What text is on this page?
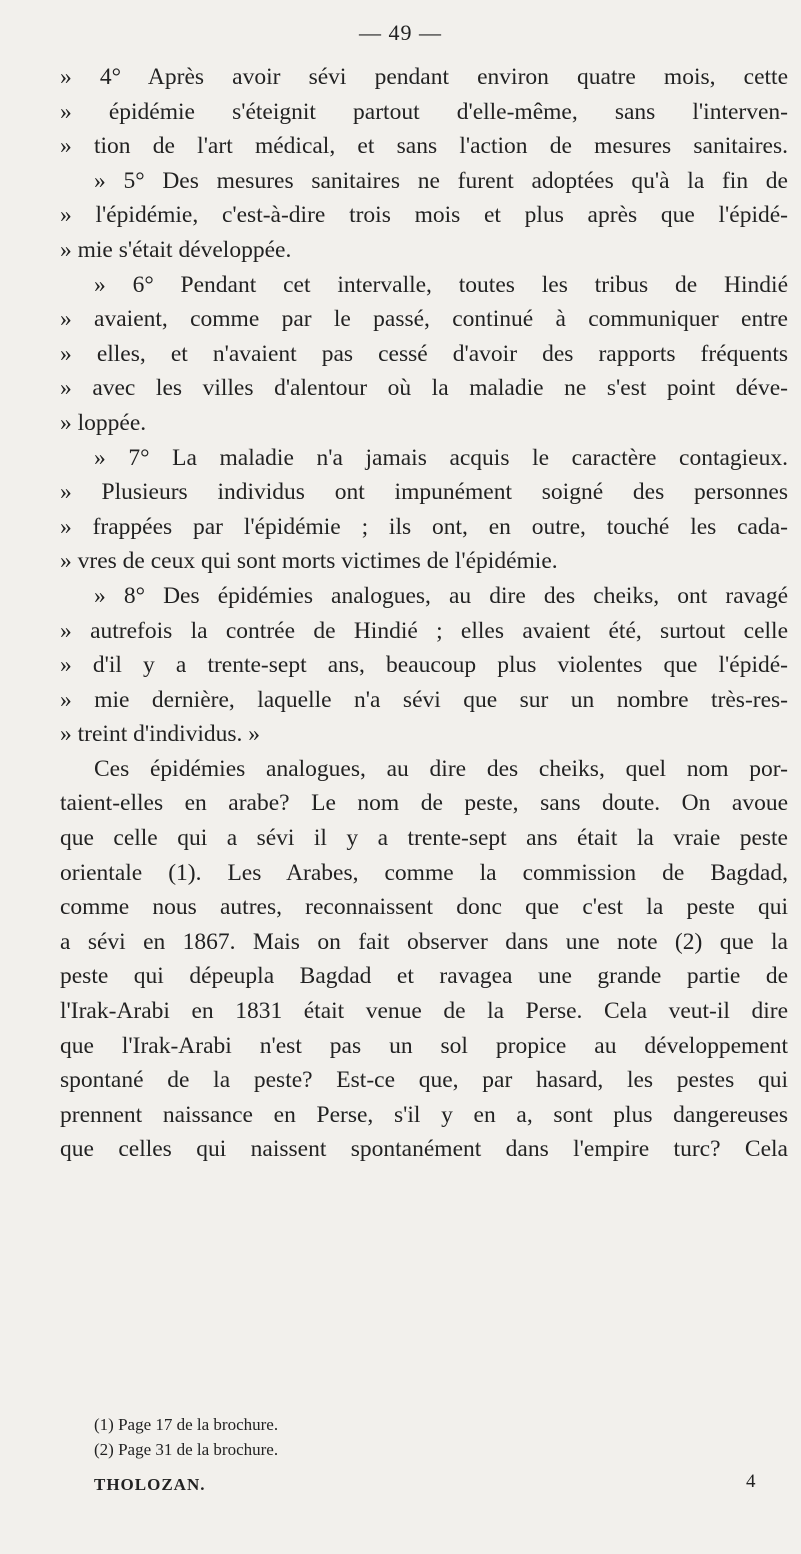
— 49 —
» 4° Après avoir sévi pendant environ quatre mois, cette
» épidémie s'éteignit partout d'elle-même, sans l'interven-
» tion de l'art médical, et sans l'action de mesures sanitaires.
» 5° Des mesures sanitaires ne furent adoptées qu'à la fin de
» l'épidémie, c'est-à-dire trois mois et plus après que l'épidé-
» mie s'était développée.
» 6° Pendant cet intervalle, toutes les tribus de Hindié
» avaient, comme par le passé, continué à communiquer entre
» elles, et n'avaient pas cessé d'avoir des rapports fréquents
» avec les villes d'alentour où la maladie ne s'est point déve-
» loppée.
» 7° La maladie n'a jamais acquis le caractère contagieux.
» Plusieurs individus ont impunément soigné des personnes
» frappées par l'épidémie ; ils ont, en outre, touché les cada-
» vres de ceux qui sont morts victimes de l'épidémie.
» 8° Des épidémies analogues, au dire des cheiks, ont ravagé
» autrefois la contrée de Hindié ; elles avaient été, surtout celle
» d'il y a trente-sept ans, beaucoup plus violentes que l'épidé-
» mie dernière, laquelle n'a sévi que sur un nombre très-res-
» treint d'individus. »
Ces épidémies analogues, au dire des cheiks, quel nom por-
taient-elles en arabe? Le nom de peste, sans doute. On avoue
que celle qui a sévi il y a trente-sept ans était la vraie peste
orientale (1). Les Arabes, comme la commission de Bagdad,
comme nous autres, reconnaissent donc que c'est la peste qui
a sévi en 1867. Mais on fait observer dans une note (2) que la
peste qui dépeupla Bagdad et ravagea une grande partie de
l'Irak-Arabi en 1831 était venue de la Perse. Cela veut-il dire
que l'Irak-Arabi n'est pas un sol propice au développement
spontané de la peste? Est-ce que, par hasard, les pestes qui
prennent naissance en Perse, s'il y en a, sont plus dangereuses
que celles qui naissent spontanément dans l'empire turc? Cela
(1) Page 17 de la brochure.
(2) Page 31 de la brochure.
THOLOZAN.	4
